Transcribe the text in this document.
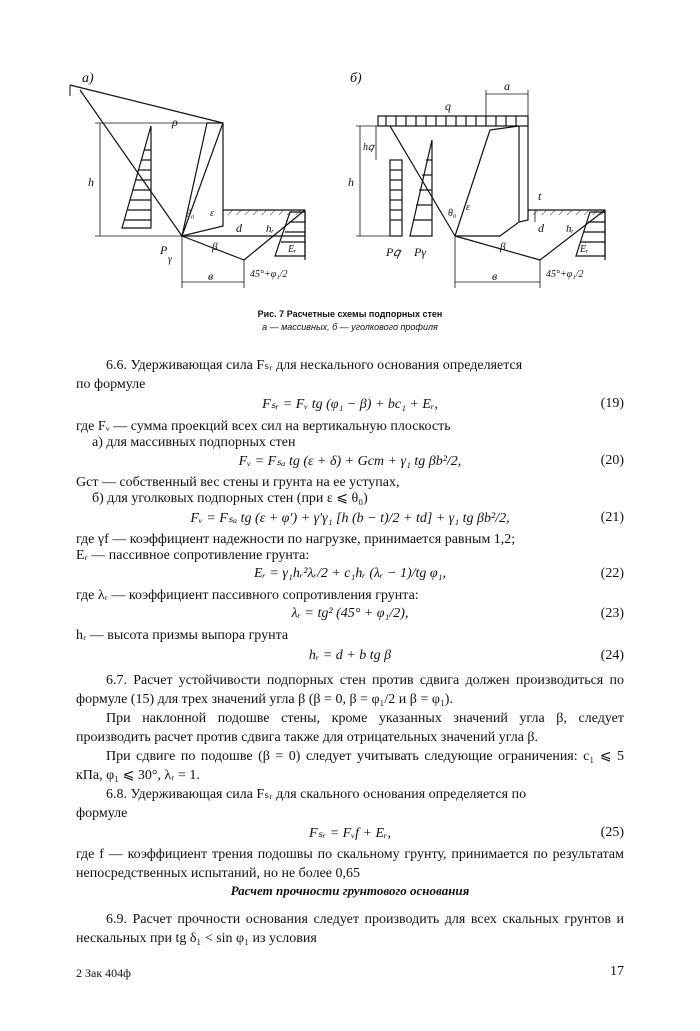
а)
h
ρ
θ₀ ε
P
γ
d hᵣ
Eᵣ
β
в	45°+φ₁/2
б)
q
a
h
h𝑞
t
θ₀
ε
P𝑞 Pγ
d hᵣ
Eᵣ
β
в	45°+φ₁/2
Рис. 7 Расчетные схемы подпорных стен
а — массивных, б — уголкового профиля
6.6. Удерживающая сила Fₛᵣ для нескального основания определяется
по формуле
Fₛᵣ = Fᵥ tg (φ₁ − β) + bc₁ + Eᵣ,	(19)
где Fᵥ — сумма проекций всех сил на вертикальную плоскость
а) для массивных подпорных стен
Fᵥ = Fₛₐ tg (ε + δ) + Gст + γ₁ tg βb²/2,	(20)
Gст — собственный вес стены и грунта на ее уступах,
б) для уголковых подпорных стен (при ε ⩽ θ₀)
Fᵥ = Fₛₐ tg (ε + φ′) + γ′γ₁ [h (b − t)/2 + td] + γ₁ tg βb²/2,	(21)
где γf — коэффициент надежности по нагрузке, принимается равным 1,2;
Eᵣ — пассивное сопротивление грунта:
Eᵣ = γ₁hᵣ²λᵣ/2 + c₁hᵣ (λᵣ − 1)/tg φ₁,	(22)
где λᵣ — коэффициент пассивного сопротивления грунта:
λᵣ = tg² (45° + φ₁/2),	(23)
hᵣ — высота призмы выпора грунта
hᵣ = d + b tg β	(24)
6.7. Расчет устойчивости подпорных стен против сдвига должен производиться по формуле (15) для трех значений угла β (β = 0, β = φ₁/2 и β = φ₁).
При наклонной подошве стены, кроме указанных значений угла β, следует производить расчет против сдвига также для отрицательных значений угла β.
При сдвиге по подошве (β = 0) следует учитывать следующие ограничения: c₁ ⩽ 5 кПа, φ₁ ⩽ 30°, λᵣ = 1.
6.8. Удерживающая сила Fₛᵣ для скального основания определяется по
формуле
Fₛᵣ = Fᵥf + Eᵣ,	(25)
где f — коэффициент трения подошвы по скальному грунту, принимается по результатам непосредственных испытаний, но не более 0,65
Расчет прочности грунтового основания
6.9. Расчет прочности основания следует производить для всех скальных грунтов и нескальных при tg δ₁ < sin φ₁ из условия
2 Зак 404ф	17
